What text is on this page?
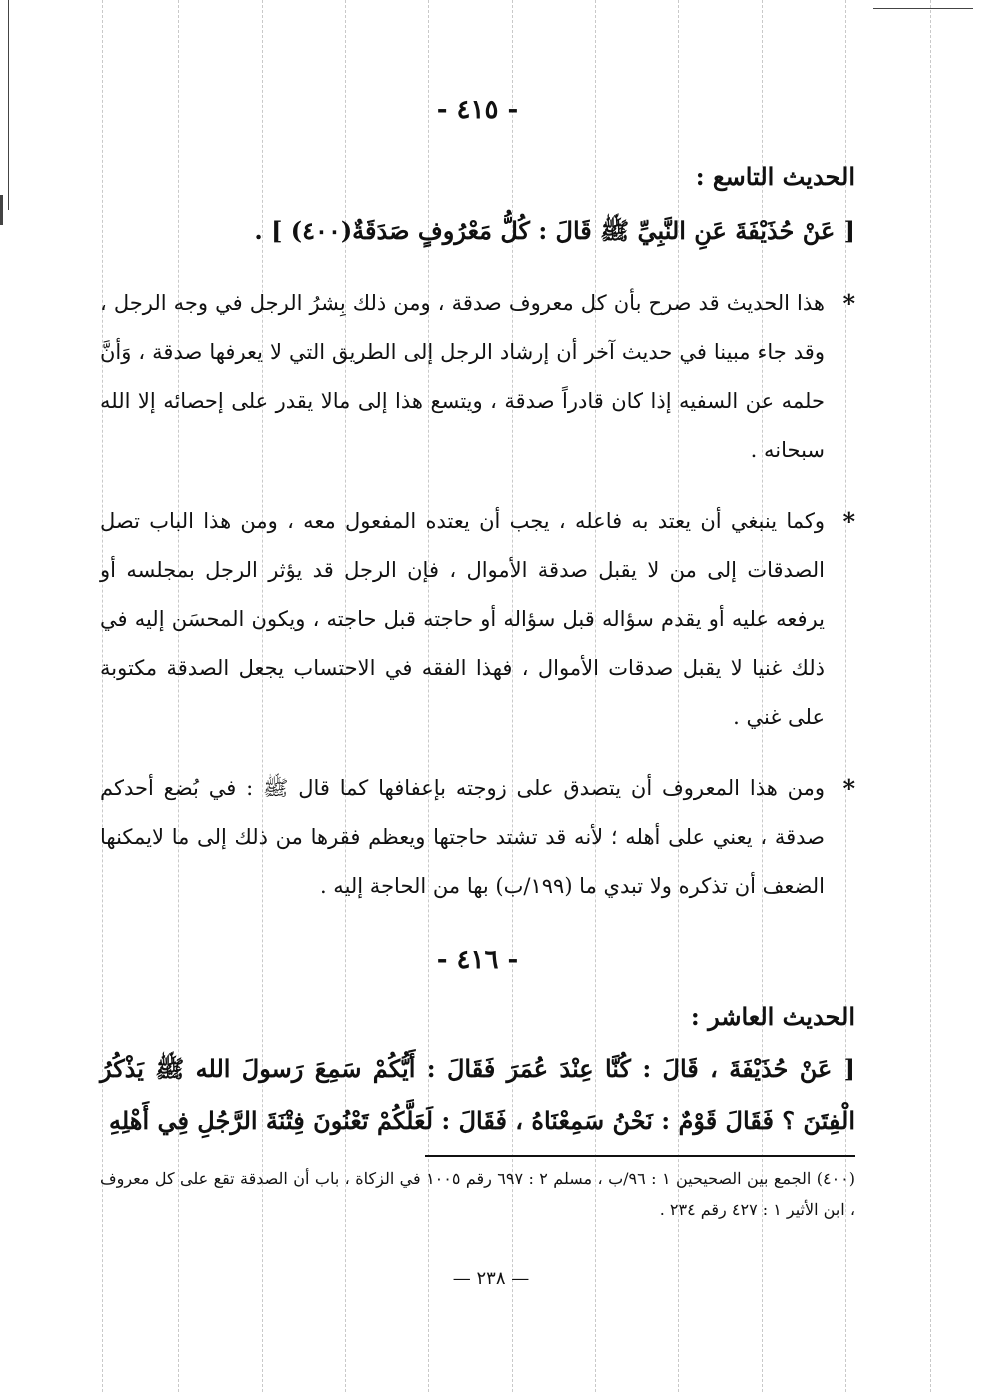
- ٤١٥ -

الحديث التاسع :

[ عَنْ حُذَيْفَةَ عَنِ النَّبِيِّ ﷺ قَالَ : كُلُّ مَعْرُوفٍ صَدَقَةٌ(٤٠٠) ] .

*
هذا الحديث قد صرح بأن كل معروف صدقة ، ومن ذلك بِشرُ الرجل في وجه الرجل ، وقد جاء مبينا في حديث آخر أن إرشاد الرجل إلى الطريق التي لا يعرفها صدقة ، وَأنَّ حلمه عن السفيه إذا كان قادراً صدقة ، ويتسع هذا إلى مالا يقدر على إحصائه إلا الله سبحانه .
*
وكما ينبغي أن يعتد به فاعله ، يجب أن يعتده المفعول معه ، ومن هذا الباب تصل الصدقات إلى من لا يقبل صدقة الأموال ، فإن الرجل قد يؤثر الرجل بمجلسه أو يرفعه عليه أو يقدم سؤاله قبل سؤاله أو حاجته قبل حاجته ، ويكون المحسَن إليه في ذلك غنيا لا يقبل صدقات الأموال ، فهذا الفقه في الاحتساب يجعل الصدقة مكتوبة على غني .
*
ومن هذا المعروف أن يتصدق على زوجته بإعفافها كما قال ﷺ : في بُضع أحدكم صدقة ، يعني على أهله ؛ لأنه قد تشتد حاجتها ويعظم فقرها من ذلك إلى ما لايمكنها الضعف أن تذكره ولا تبدي ما (١٩٩/ب) بها من الحاجة إليه .

- ٤١٦ -

الحديث العاشر :

[ عَنْ حُذَيْفَةَ ، قَالَ : كُنَّا عِنْدَ عُمَرَ فَقَالَ : أَيُّكُمْ سَمِعَ رَسولَ الله ﷺ يَذْكُرُ الْفِتَنَ ؟ فَقَالَ قَوْمٌ : نَحْنُ سَمِعْنَاهُ ، فَقَالَ : لَعَلَّكُمْ تَعْنُونَ فِتْنَةَ الرَّجُلِ فِي أَهْلِهِ

(٤٠٠) الجمع بين الصحيحين ١ : ٩٦/ب ، مسلم ٢ : ٦٩٧ رقم ١٠٠٥ في الزكاة ، باب أن الصدقة تقع على كل معروف ، ابن الأثير ١ : ٤٢٧ رقم ٢٣٤ .

— ٢٣٨ —
